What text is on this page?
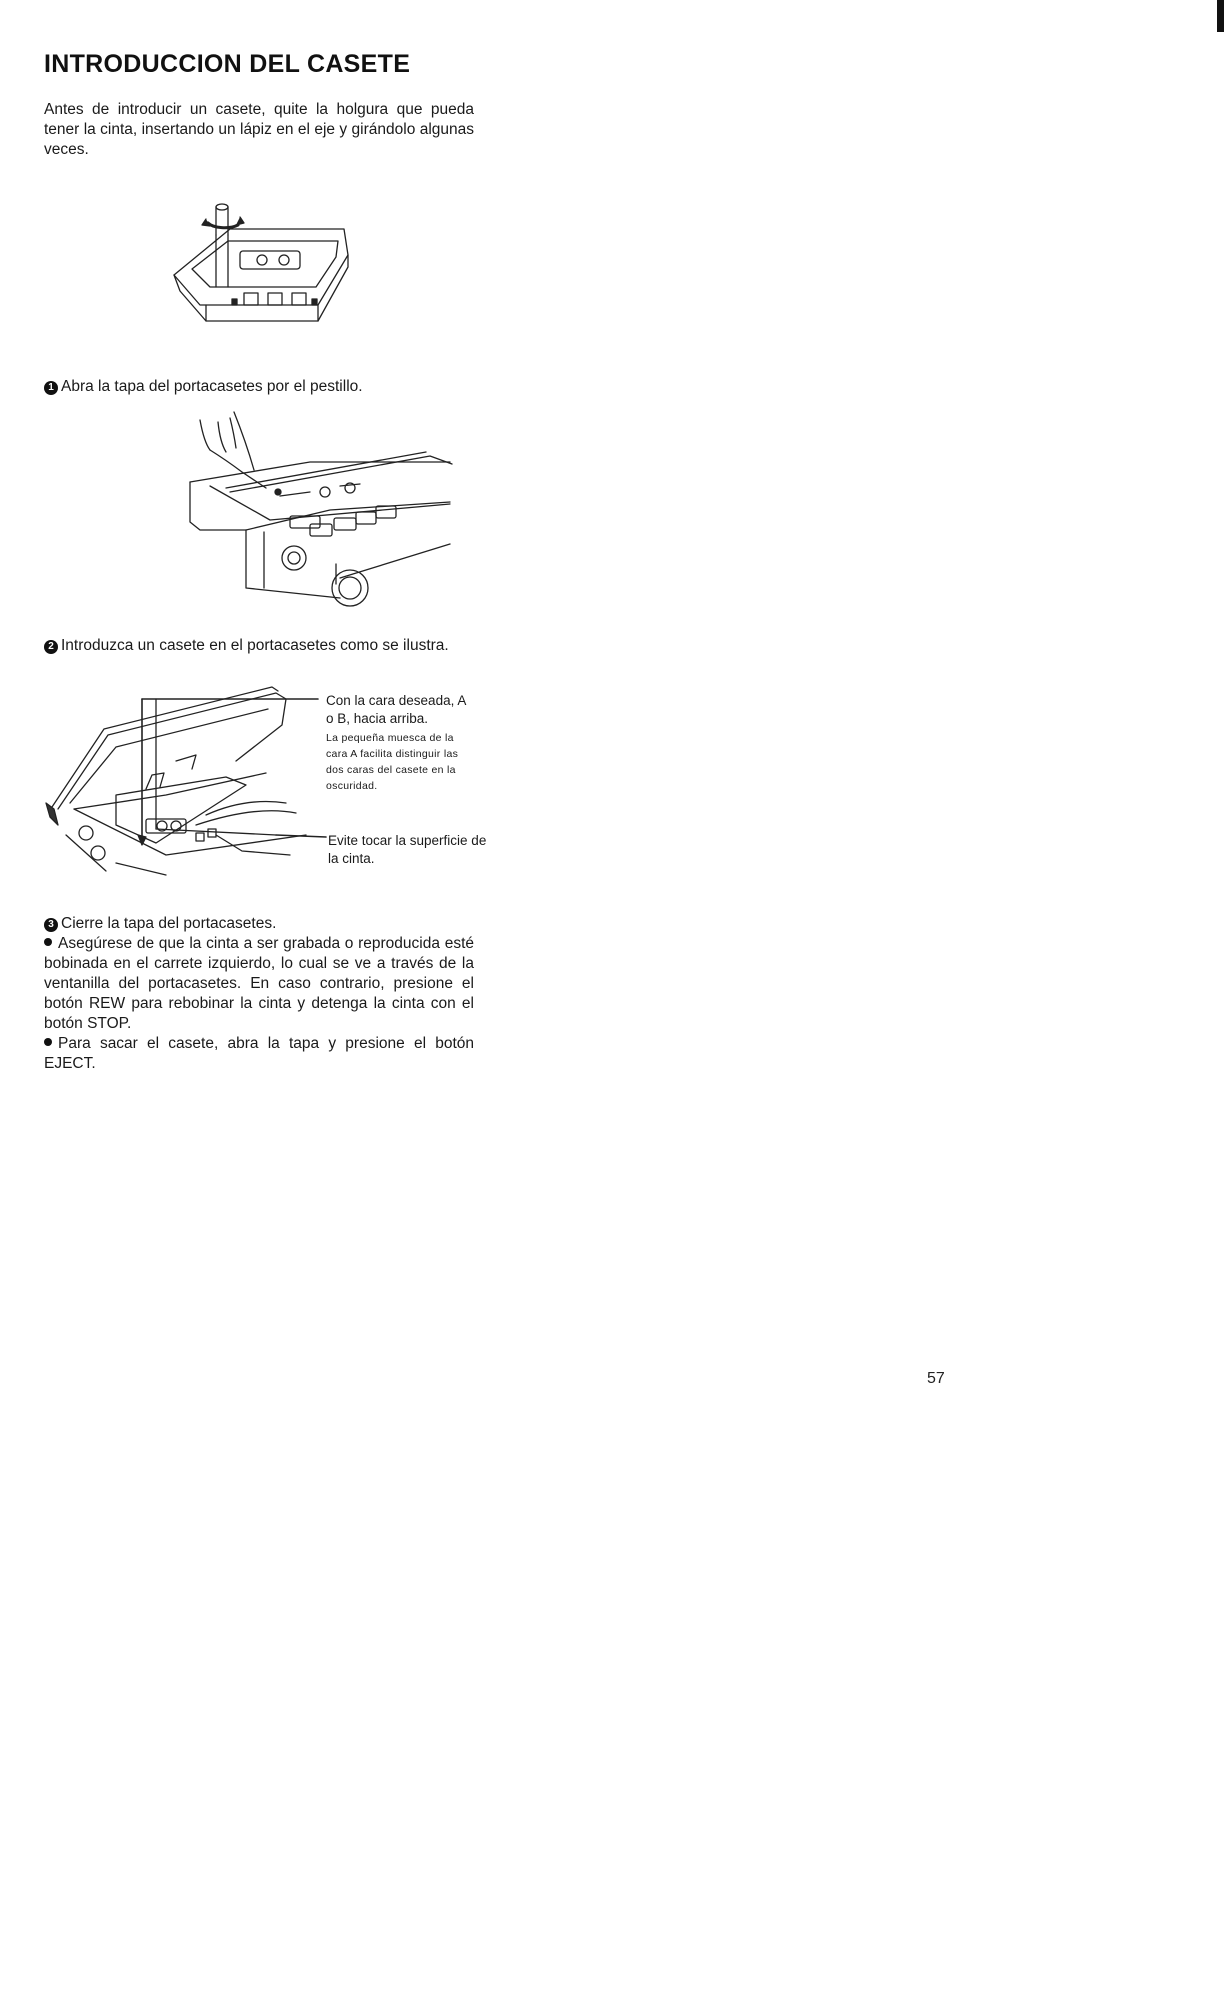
INTRODUCCION DEL CASETE

Antes de introducir un casete, quite la holgura que pueda tener la cinta, insertando un lápiz en el eje y girándolo algunas veces.

1 Abra la tapa del portacasetes por el pestillo.

2 Introduzca un casete en el portacasetes como se ilustra.

Con la cara deseada, A o B, hacia arriba.
La pequeña muesca de la cara A facilita distinguir las dos caras del casete en la oscuridad.
Evite tocar la superficie de la cinta.
3 Cierre la tapa del portacasetes.
Asegúrese de que la cinta a ser grabada o reproducida esté bobinada en el carrete izquierdo, lo cual se ve a través de la ventanilla del portacasetes. En caso contrario, presione el botón REW para rebobinar la cinta y detenga la cinta con el botón STOP.
Para sacar el casete, abra la tapa y presione el botón EJECT.
57
